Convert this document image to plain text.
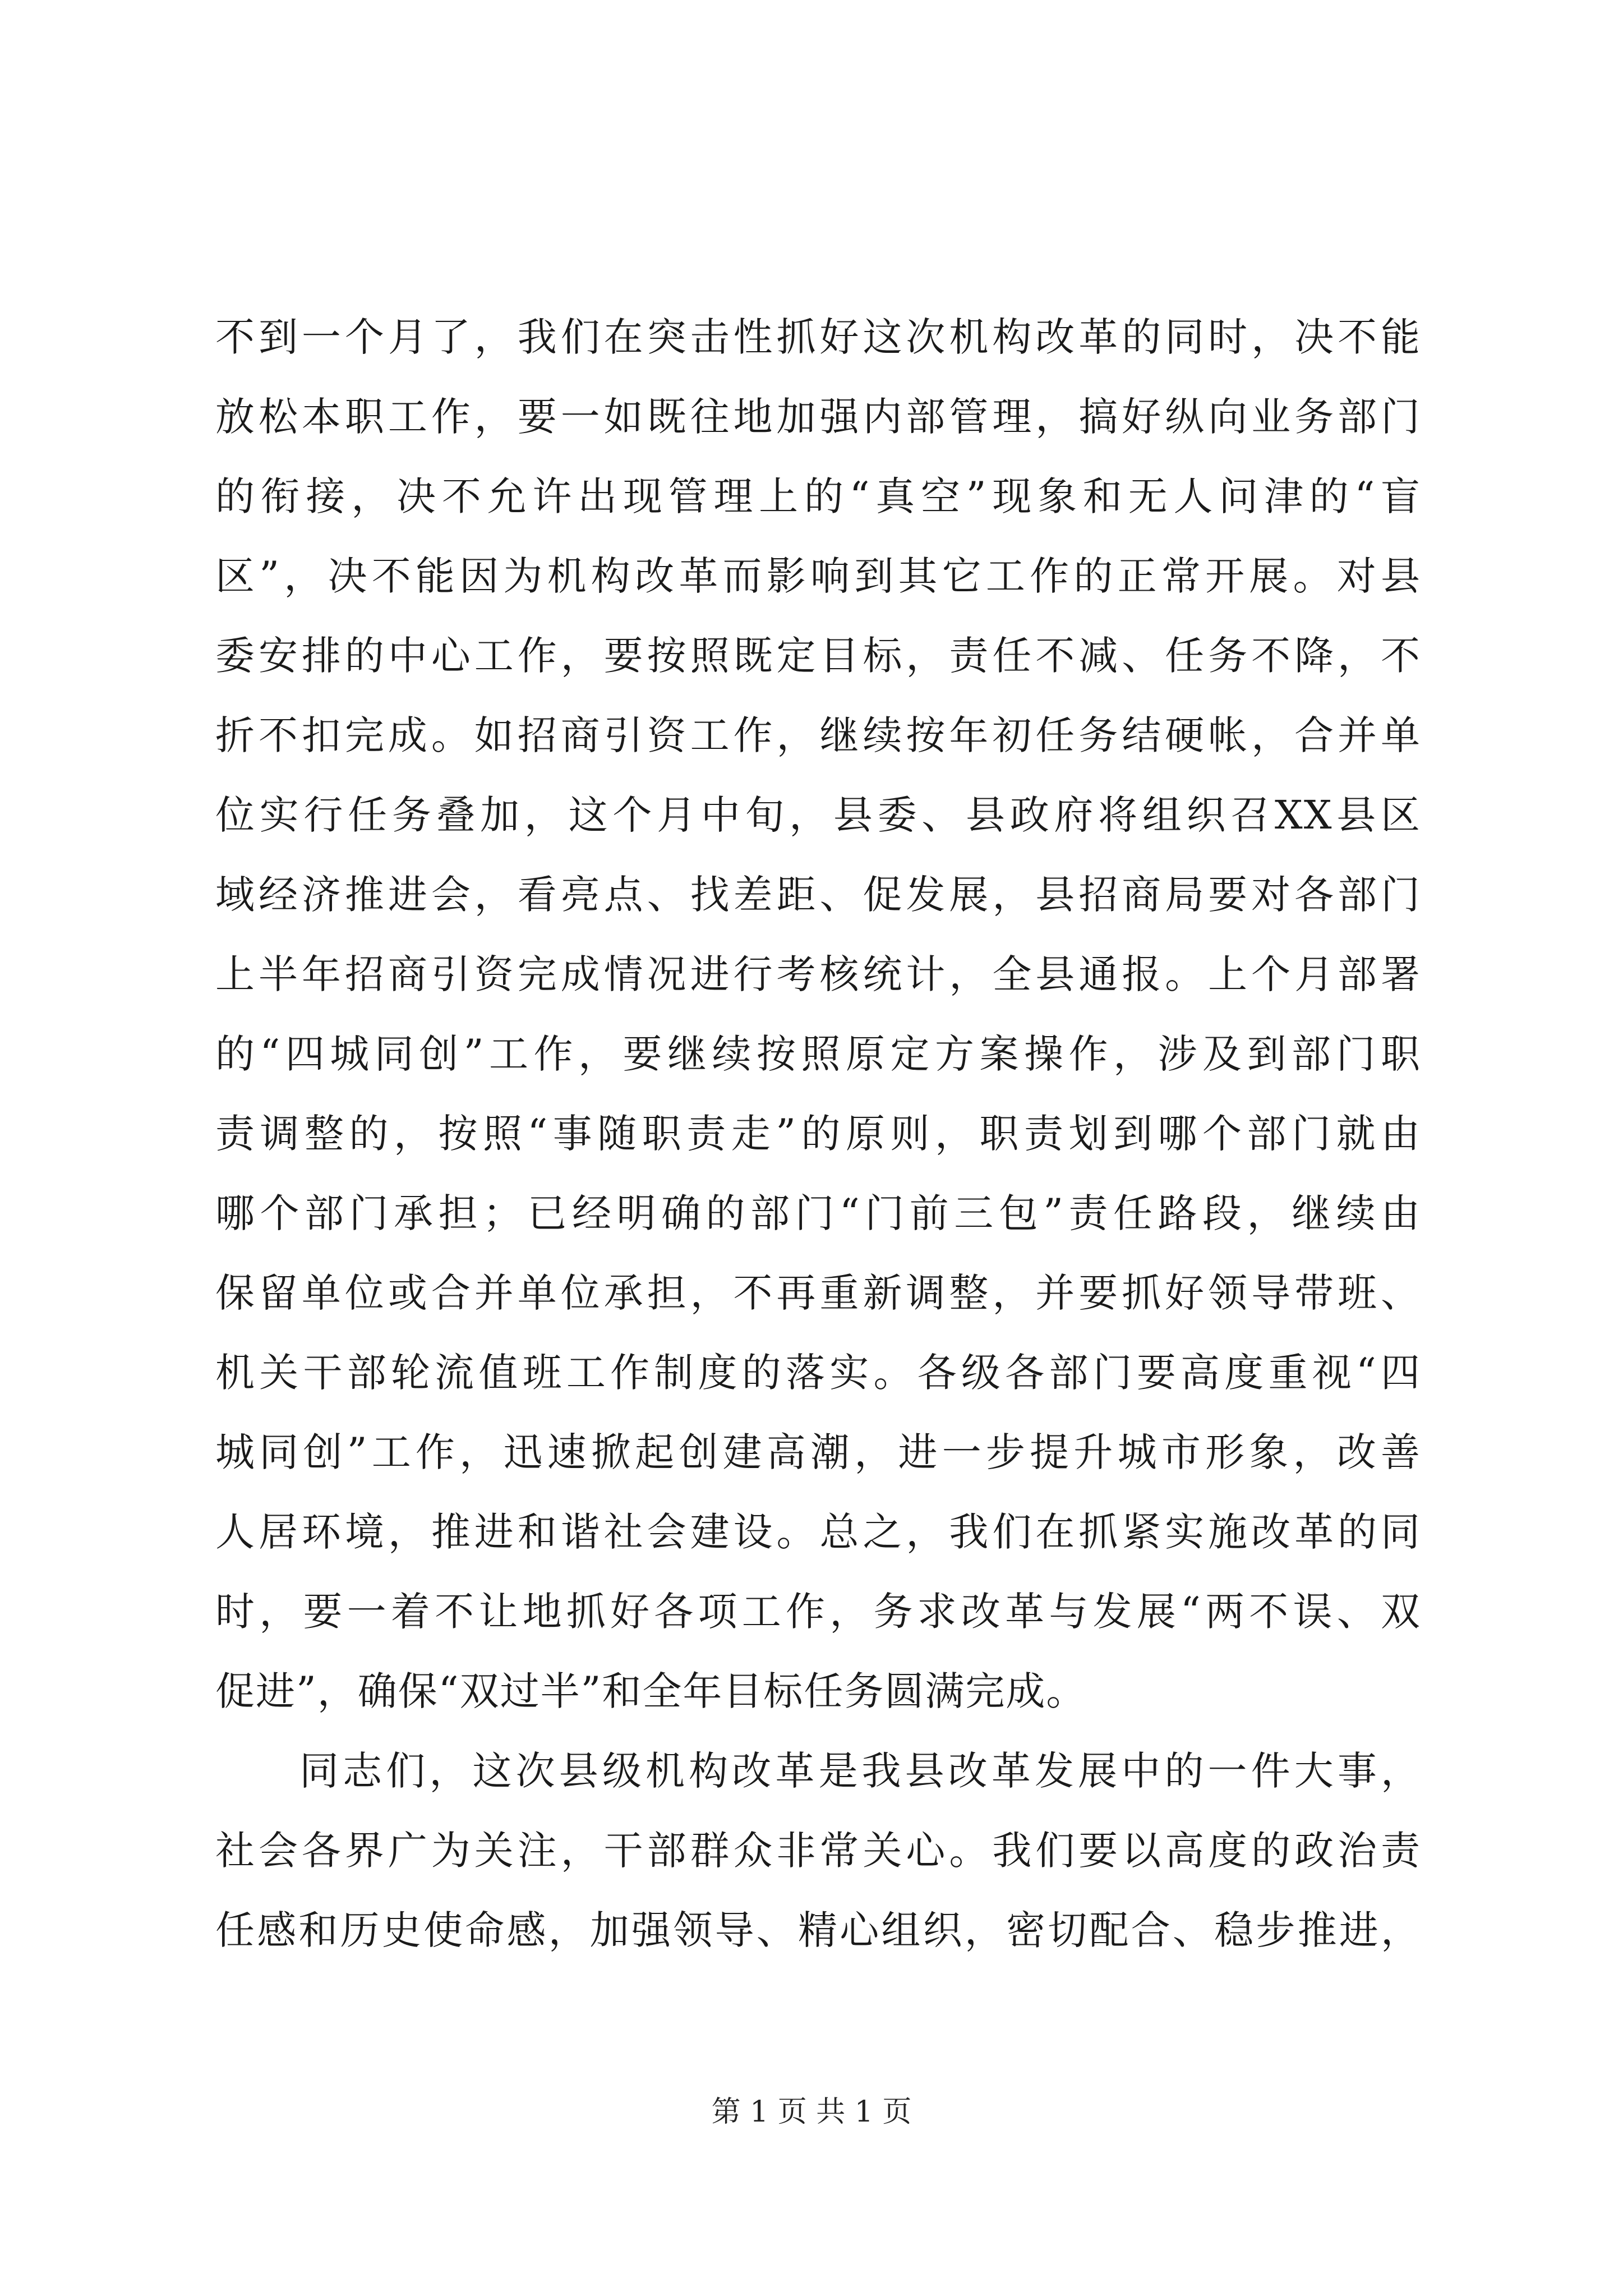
不到一个月了，我们在突击性抓好这次机构改革的同时，决不能
放松本职工作，要一如既往地加强内部管理，搞好纵向业务部门
的衔接，决不允许出现管理上的“真空”现象和无人问津的“盲
区”，决不能因为机构改革而影响到其它工作的正常开展。对县
委安排的中心工作，要按照既定目标，责任不减、任务不降，不
折不扣完成。如招商引资工作，继续按年初任务结硬帐，合并单
位实行任务叠加，这个月中旬，县委、县政府将组织召XX县区
域经济推进会，看亮点、找差距、促发展，县招商局要对各部门
上半年招商引资完成情况进行考核统计，全县通报。上个月部署
的“四城同创”工作，要继续按照原定方案操作，涉及到部门职
责调整的，按照“事随职责走”的原则，职责划到哪个部门就由
哪个部门承担；已经明确的部门“门前三包”责任路段，继续由
保留单位或合并单位承担，不再重新调整，并要抓好领导带班、
机关干部轮流值班工作制度的落实。各级各部门要高度重视“四
城同创”工作，迅速掀起创建高潮，进一步提升城市形象，改善
人居环境，推进和谐社会建设。总之，我们在抓紧实施改革的同
时，要一着不让地抓好各项工作，务求改革与发展“两不误、双
促进”，确保“双过半”和全年目标任务圆满完成。
同志们，这次县级机构改革是我县改革发展中的一件大事，
社会各界广为关注，干部群众非常关心。我们要以高度的政治责
任感和历史使命感，加强领导、精心组织，密切配合、稳步推进，
第 1 页 共 1 页
